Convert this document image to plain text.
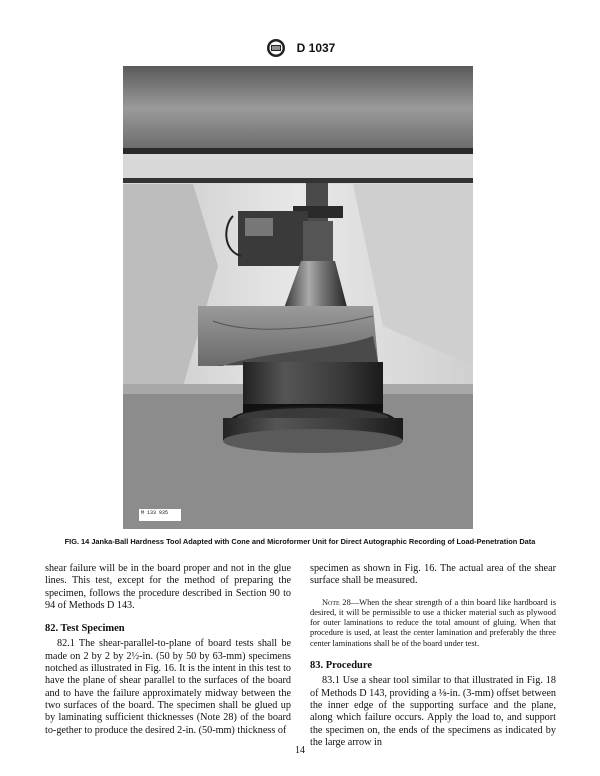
D 1037
M 133 935
FIG. 14 Janka-Ball Hardness Tool Adapted with Cone and Microformer Unit for Direct Autographic Recording of Load-Penetration Data

shear failure will be in the board proper and not in the glue lines. This test, except for the method of preparing the specimen, follows the procedure described in Section 90 to 94 of Methods D 143.

82. Test Specimen

82.1 The shear-parallel-to-plane of board tests shall be made on 2 by 2 by 2½-in. (50 by 50 by 63-mm) specimens notched as illustrated in Fig. 16. It is the intent in this test to have the plane of shear parallel to the surfaces of the board and to have the failure approximately midway between the two surfaces of the board. The specimen shall be glued up by laminating sufficient thicknesses (Note 28) of the board to-gether to produce the desired 2-in. (50-mm) thickness of

specimen as shown in Fig. 16. The actual area of the shear surface shall be measured.

Note 28—When the shear strength of a thin board like hardboard is desired, it will be permissible to use a thicker material such as plywood for outer laminations to reduce the total amount of gluing. When that procedure is used, at least the center lamination and preferably the three center laminations shall be of the board under test.

83. Procedure

83.1 Use a shear tool similar to that illustrated in Fig. 18 of Methods D 143, providing a ⅛-in. (3-mm) offset between the inner edge of the supporting surface and the plane, along which failure occurs. Apply the load to, and support the specimen on, the ends of the specimens as indicated by the large arrow in

14
